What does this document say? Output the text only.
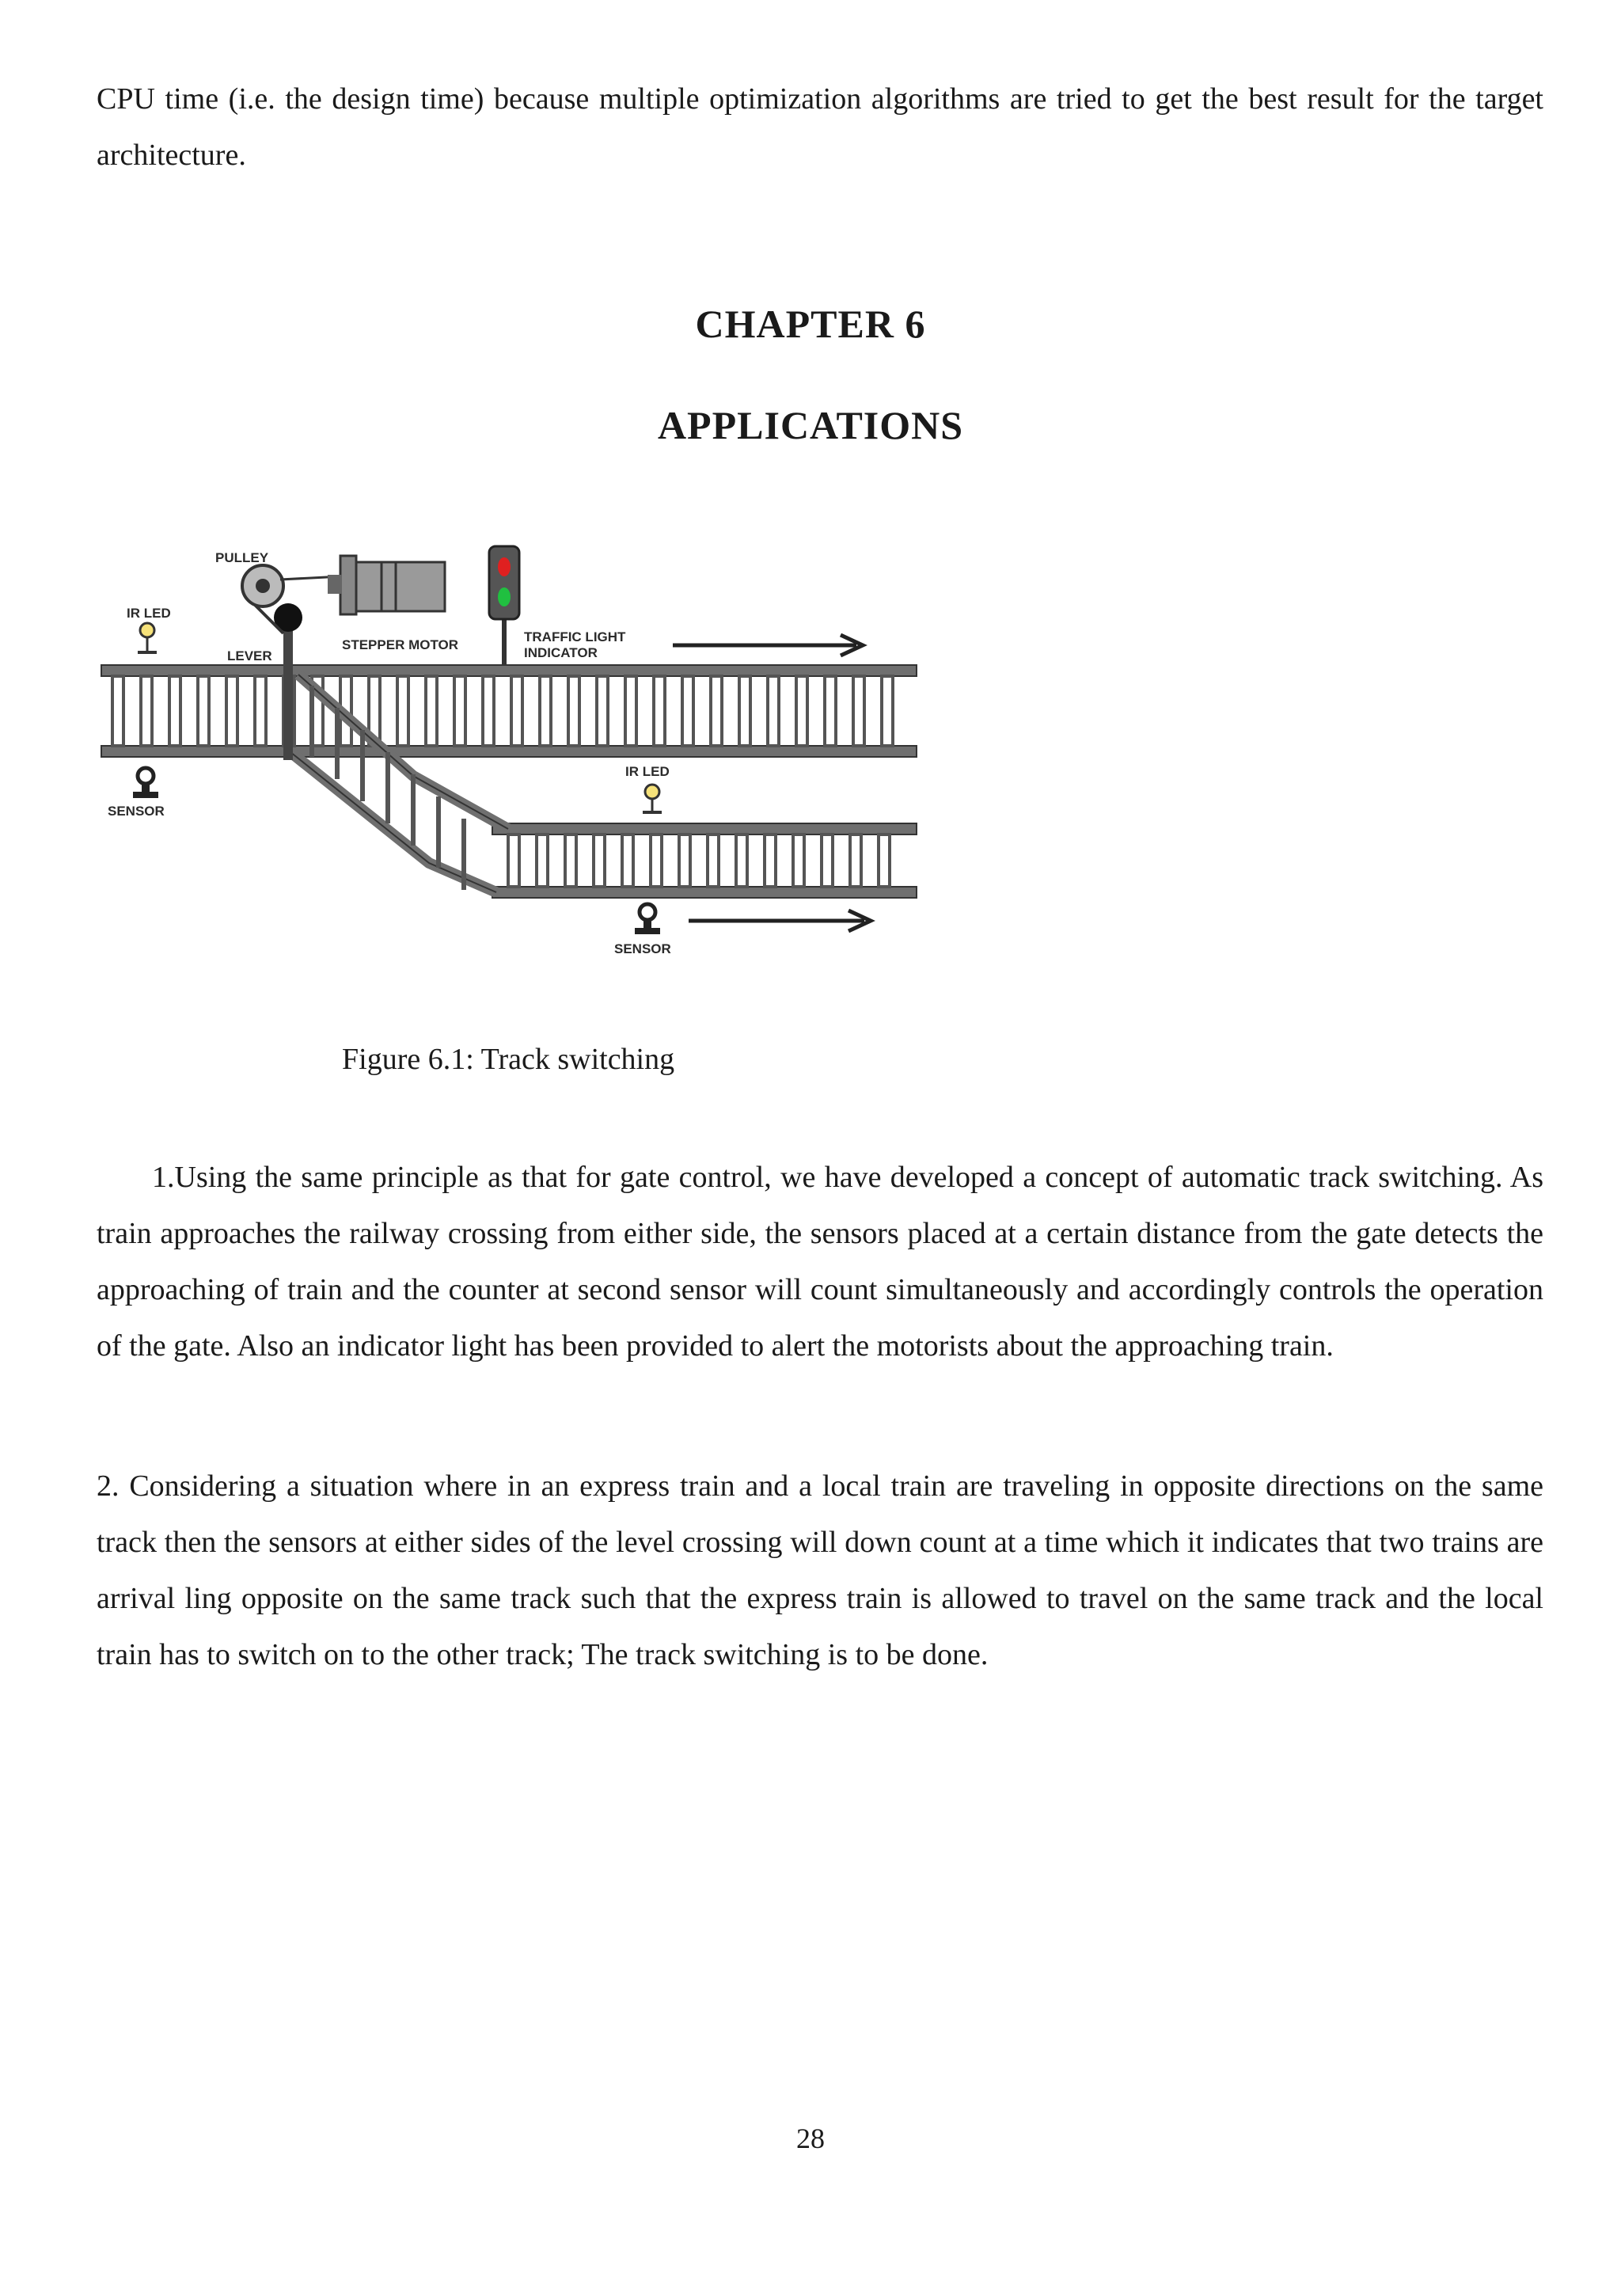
CPU time (i.e. the design time) because multiple optimization algorithms are tried to get the best result for the target architecture.

CHAPTER 6
APPLICATIONS
PULLEY
IR LED
LEVER
STEPPER MOTOR
TRAFFIC LIGHT
INDICATOR
SENSOR
IR LED
SENSOR

Figure 6.1: Track switching

1.Using the same principle as that for gate control, we have developed a concept of automatic track switching. As train approaches the railway crossing from either side, the sensors placed at a certain distance from the gate detects the approaching of train and the counter at second sensor will count simultaneously and accordingly controls the operation of the gate. Also an indicator light has been provided to alert the motorists about the approaching train.

2. Considering a situation where in an express train and a local train are traveling in opposite directions on the same track then the sensors at either sides of the level crossing will down count at a time which it indicates that two trains are arrival ling opposite on the same track such that the express train is allowed to travel on the same track and the local train has to switch on to the other track; The track switching is to be done.

28
